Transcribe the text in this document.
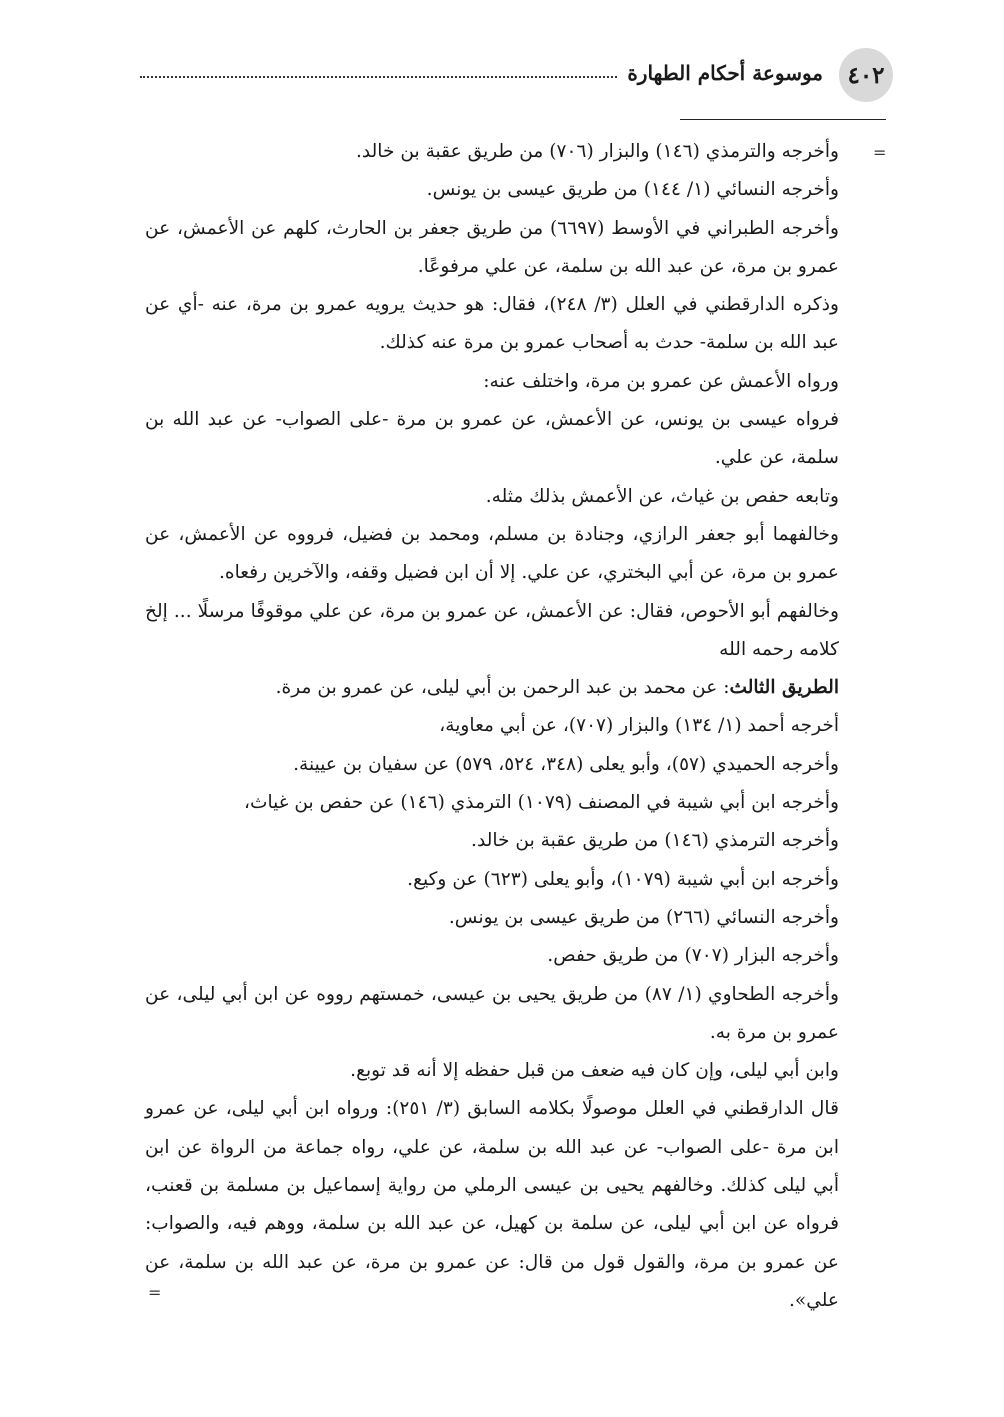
٤٠٢
موسوعة أحكام الطهارة
=

وأخرجه والترمذي (١٤٦) والبزار (٧٠٦) من طريق عقبة بن خالد.

وأخرجه النسائي (١/ ١٤٤) من طريق عيسى بن يونس.

وأخرجه الطبراني في الأوسط (٦٦٩٧) من طريق جعفر بن الحارث، كلهم عن الأعمش، عن عمرو بن مرة، عن عبد الله بن سلمة، عن علي مرفوعًا.

وذكره الدارقطني في العلل (٣/ ٢٤٨)، فقال: هو حديث يرويه عمرو بن مرة، عنه -أي عن عبد الله بن سلمة- حدث به أصحاب عمرو بن مرة عنه كذلك.

ورواه الأعمش عن عمرو بن مرة، واختلف عنه:

فرواه عيسى بن يونس، عن الأعمش، عن عمرو بن مرة -على الصواب- عن عبد الله بن سلمة، عن علي.

وتابعه حفص بن غياث، عن الأعمش بذلك مثله.

وخالفهما أبو جعفر الرازي، وجنادة بن مسلم، ومحمد بن فضيل، فرووه عن الأعمش، عن عمرو بن مرة، عن أبي البختري، عن علي. إلا أن ابن فضيل وقفه، والآخرين رفعاه.

وخالفهم أبو الأحوص، فقال: عن الأعمش، عن عمرو بن مرة، عن علي موقوفًا مرسلًا ... إلخ كلامه رحمه الله

الطريق الثالث: عن محمد بن عبد الرحمن بن أبي ليلى، عن عمرو بن مرة.

أخرجه أحمد (١/ ١٣٤) والبزار (٧٠٧)، عن أبي معاوية،

وأخرجه الحميدي (٥٧)، وأبو يعلى (٣٤٨، ٥٢٤، ٥٧٩) عن سفيان بن عيينة.

وأخرجه ابن أبي شيبة في المصنف (١٠٧٩) الترمذي (١٤٦) عن حفص بن غياث،

وأخرجه الترمذي (١٤٦) من طريق عقبة بن خالد.

وأخرجه ابن أبي شيبة (١٠٧٩)، وأبو يعلى (٦٢٣) عن وكيع.

وأخرجه النسائي (٢٦٦) من طريق عيسى بن يونس.

وأخرجه البزار (٧٠٧) من طريق حفص.

وأخرجه الطحاوي (١/ ٨٧) من طريق يحيى بن عيسى، خمستهم رووه عن ابن أبي ليلى، عن عمرو بن مرة به.

وابن أبي ليلى، وإن كان فيه ضعف من قبل حفظه إلا أنه قد توبع.

قال الدارقطني في العلل موصولًا بكلامه السابق (٣/ ٢٥١): ورواه ابن أبي ليلى، عن عمرو ابن مرة -على الصواب- عن عبد الله بن سلمة، عن علي، رواه جماعة من الرواة عن ابن أبي ليلى كذلك. وخالفهم يحيى بن عيسى الرملي من رواية إسماعيل بن مسلمة بن قعنب، فرواه عن ابن أبي ليلى، عن سلمة بن كهيل، عن عبد الله بن سلمة، ووهم فيه، والصواب: عن عمرو بن مرة، والقول قول من قال: عن عمرو بن مرة، عن عبد الله بن سلمة، عن علي».

=
